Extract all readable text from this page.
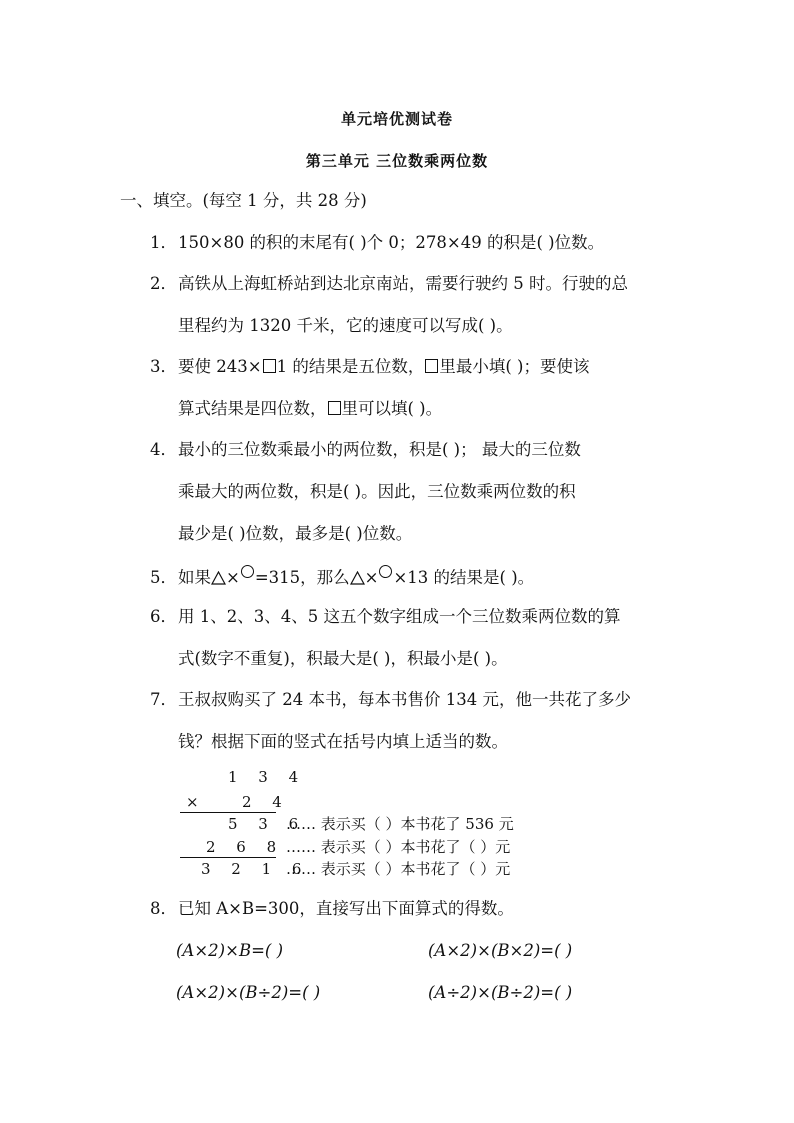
单元培优测试卷
第三单元 三位数乘两位数
一、填空。(每空 1 分，共 28 分)
1．150×80 的积的末尾有( )个 0；278×49 的积是( )位数。
2．高铁从上海虹桥站到达北京南站，需要行驶约 5 时。行驶的总
里程约为 1320 千米，它的速度可以写成( )。
3．要使 243× 1 的结果是五位数， 里最小填( )；要使该
算式结果是四位数， 里可以填( )。
4．最小的三位数乘最小的两位数，积是( )； 最大的三位数
乘最大的两位数，积是( )。因此，三位数乘两位数的积
最少是( )位数，最多是( )位数。
5．如果 × =315，那么 × ×13 的结果是( )。
6．用 1、2、3、4、5 这五个数字组成一个三位数乘两位数的算
式(数字不重复)，积最大是( )，积最小是( )。
7．王叔叔购买了 24 本书，每本书售价 134 元，他一共花了多少
钱？根据下面的竖式在括号内填上适当的数。
1 3 4
×	2 4
5 3 6
2 6 8
3 2 1 6
…… 表示买（ ）本书花了 536 元
…… 表示买（ ）本书花了（ ）元
…… 表示买（ ）本书花了（ ）元
8．已知 A×B=300，直接写出下面算式的得数。
(A×2)×B=( )	(A×2)×(B×2)=( )
(A×2)×(B÷2)=( )	(A÷2)×(B÷2)=( )
